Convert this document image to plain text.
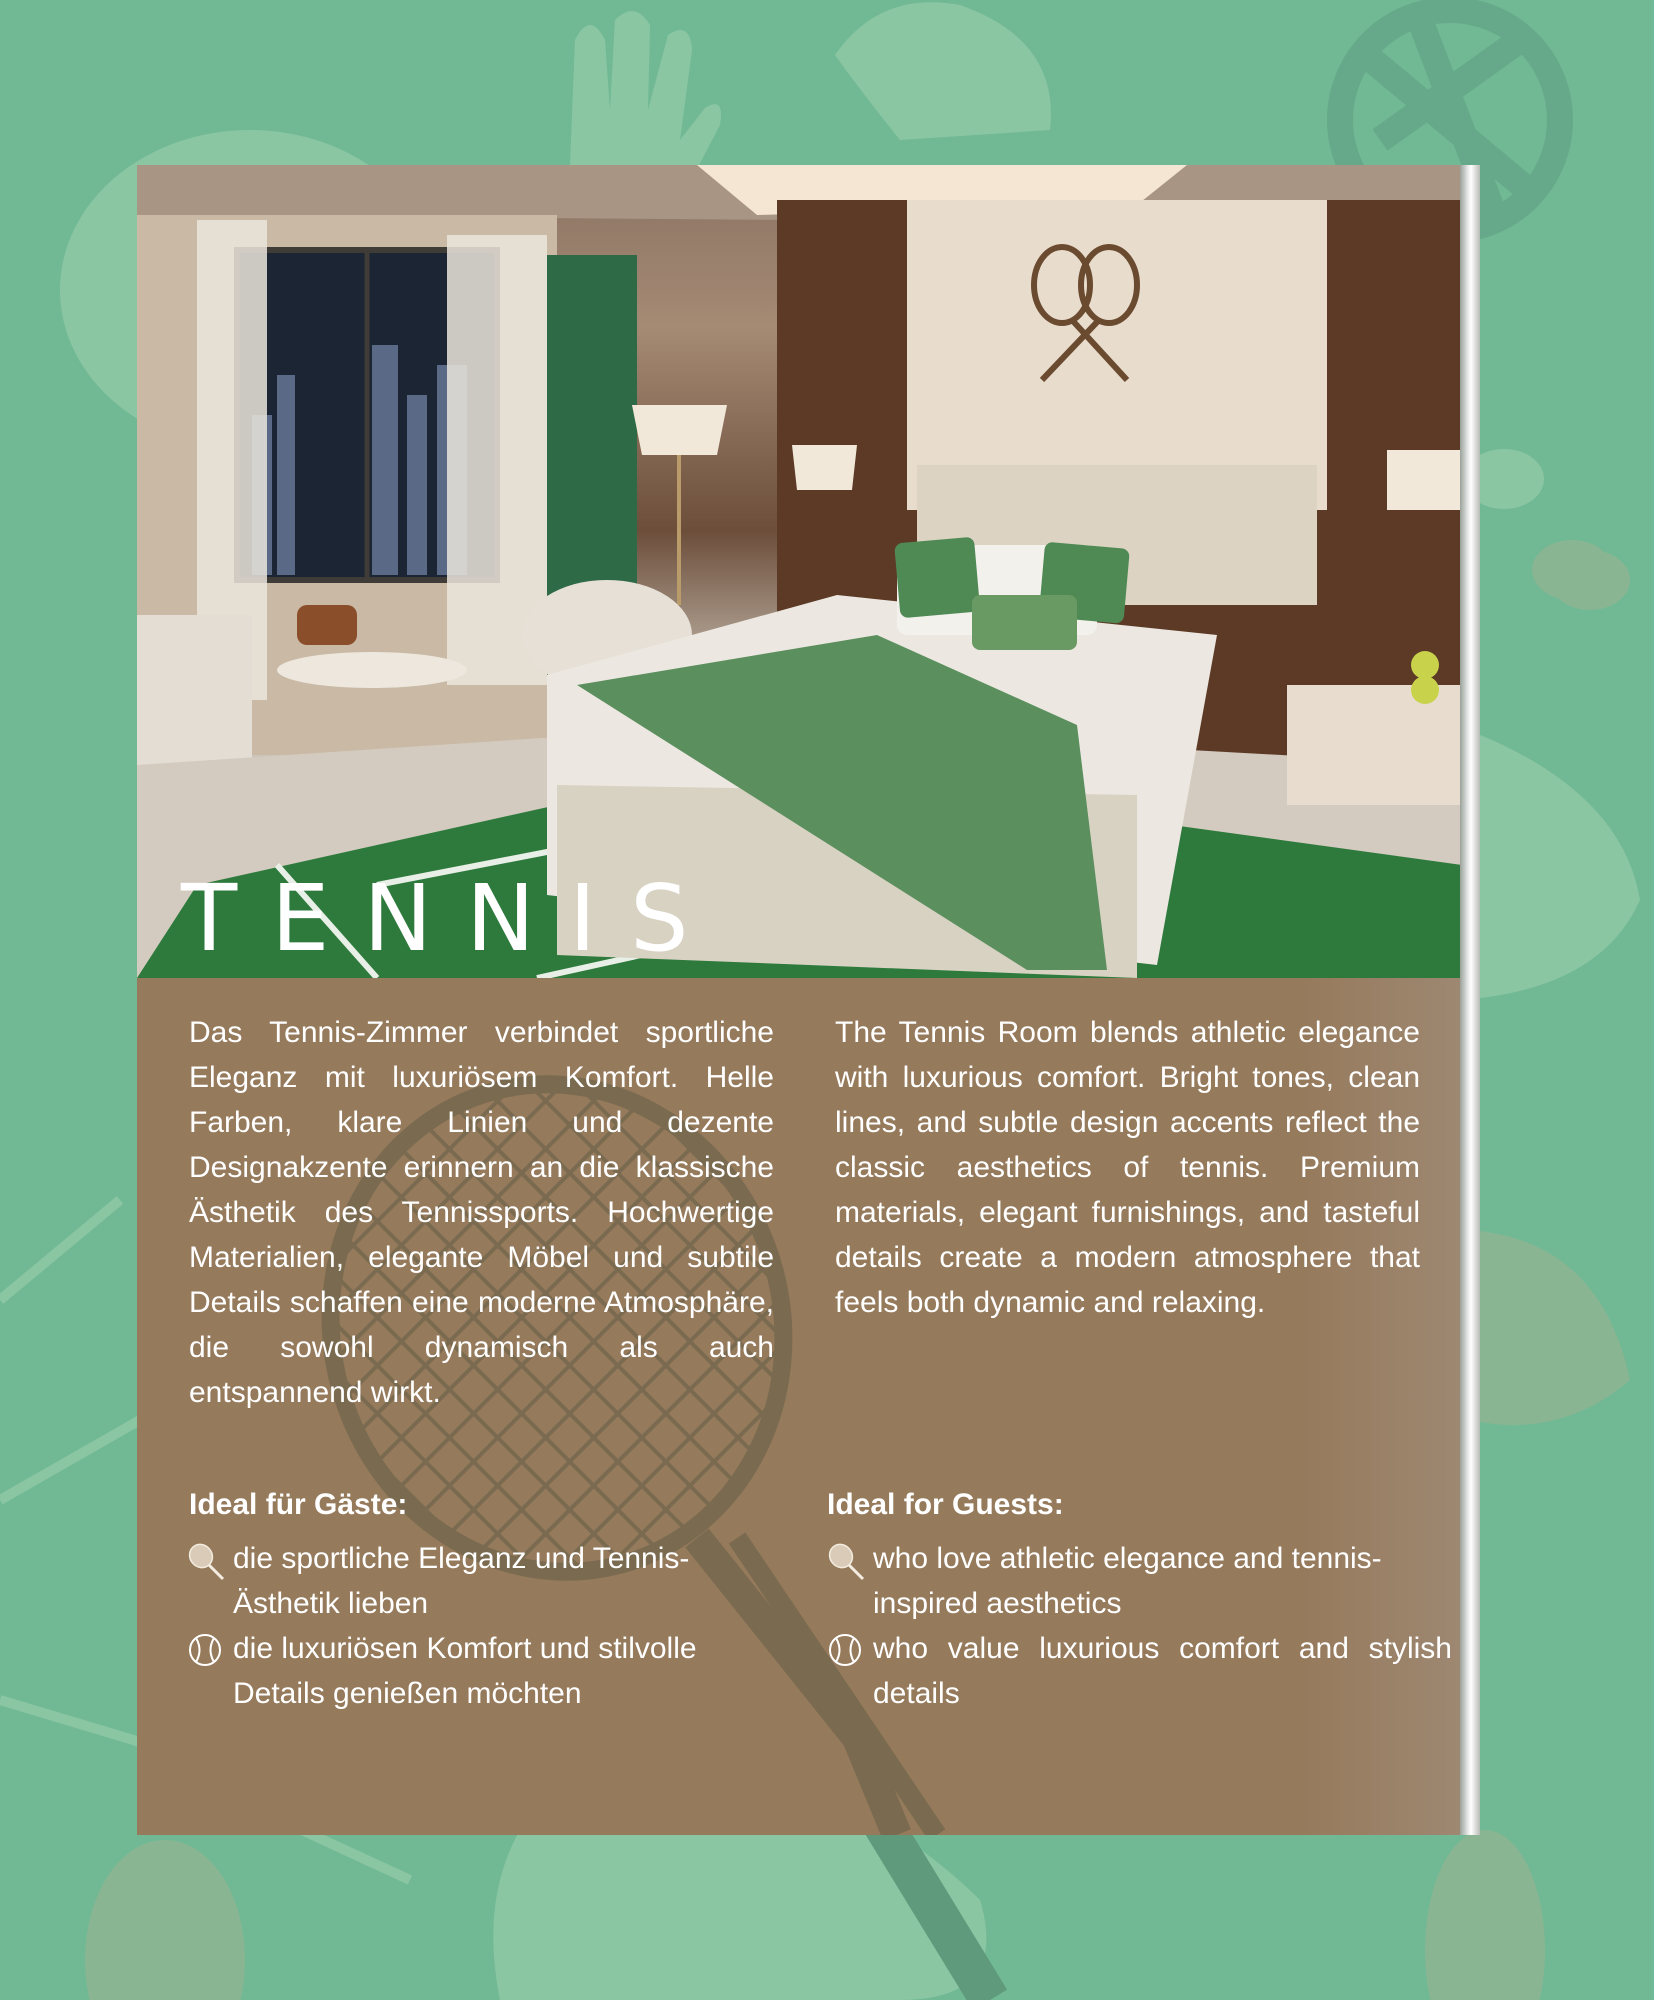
TENNIS

Das Tennis-Zimmer verbindet sportliche Eleganz mit luxuriösem Komfort. Helle Farben, klare Linien und dezente Designakzente erinnern an die klassische Ästhetik des Tennissports. Hochwertige Materialien, elegante Möbel und subtile Details schaffen eine moderne Atmosphäre, die sowohl dynamisch als auch entspannend wirkt.

The Tennis Room blends athletic elegance with luxurious comfort. Bright tones, clean lines, and subtle design accents reflect the classic aesthetics of tennis. Premium materials, elegant furnishings, and tasteful details create a modern atmosphere that feels both dynamic and relaxing.

Ideal für Gäste:	Ideal for Guests:
die sportliche Eleganz und Tennis-Ästhetik lieben
die luxuriösen Komfort und stilvolle Details genießen möchten
who love athletic elegance and tennis-inspired aesthetics
who value luxurious comfort and stylish details
